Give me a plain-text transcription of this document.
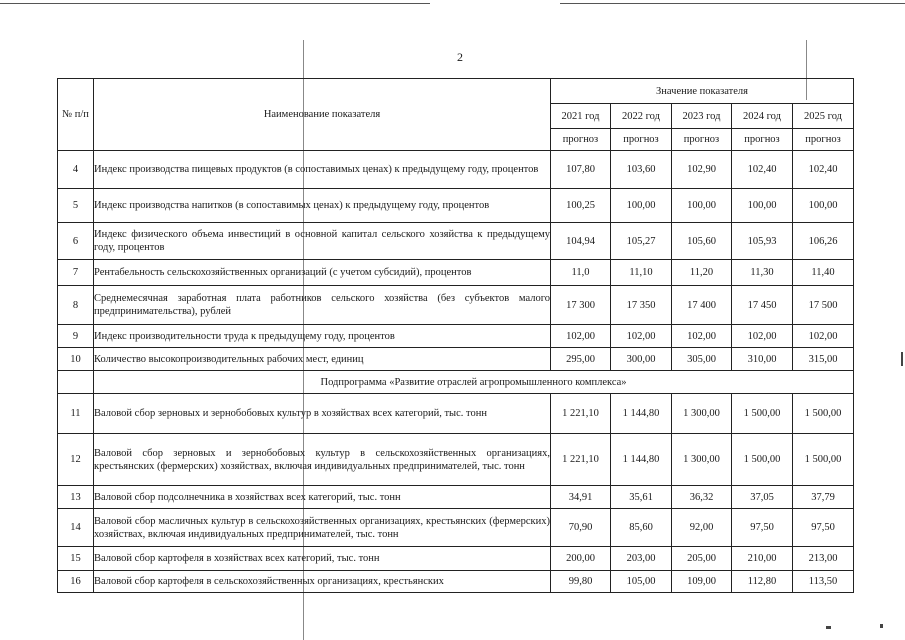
2
№ п/п	Наименование показателя	Значение показателя				
		2021 год	2022 год	2023 год	2024 год	2025 год
		прогноз	прогноз	прогноз	прогноз	прогноз
4	Индекс производства пищевых продуктов (в сопоставимых ценах) к предыдущему году, процентов	107,80	103,60	102,90	102,40	102,40
5	Индекс производства напитков (в сопоставимых ценах) к предыдущему году, процентов	100,25	100,00	100,00	100,00	100,00
6	Индекс физического объема инвестиций в основной капитал сельского хозяйства к предыдущему году, процентов	104,94	105,27	105,60	105,93	106,26
7	Рентабельность сельскохозяйственных организаций (с учетом субсидий), процентов	11,0	11,10	11,20	11,30	11,40
8	Среднемесячная заработная плата работников сельского хозяйства (без субъектов малого предпринимательства), рублей	17 300	17 350	17 400	17 450	17 500
9	Индекс производительности труда к предыдущему году, процентов	102,00	102,00	102,00	102,00	102,00
10	Количество высокопроизводительных рабочих мест, единиц	295,00	300,00	305,00	310,00	315,00
	Подпрограмма «Развитие отраслей агропромышленного комплекса»					
11	Валовой сбор зерновых и зернобобовых культур в хозяйствах всех категорий, тыс. тонн	1 221,10	1 144,80	1 300,00	1 500,00	1 500,00
12	Валовой сбор зерновых и зернобобовых культур в сельскохозяйственных организациях, крестьянских (фермерских) хозяйствах, включая индивидуальных предпринимателей, тыс. тонн	1 221,10	1 144,80	1 300,00	1 500,00	1 500,00
13	Валовой сбор подсолнечника в хозяйствах всех категорий, тыс. тонн	34,91	35,61	36,32	37,05	37,79
14	Валовой сбор масличных культур в сельскохозяйственных организациях, крестьянских (фермерских) хозяйствах, включая индивидуальных предпринимателей, тыс. тонн	70,90	85,60	92,00	97,50	97,50
15	Валовой сбор картофеля в хозяйствах всех категорий, тыс. тонн	200,00	203,00	205,00	210,00	213,00
16	Валовой сбор картофеля в сельскохозяйственных организациях, крестьянских	99,80	105,00	109,00	112,80	113,50
